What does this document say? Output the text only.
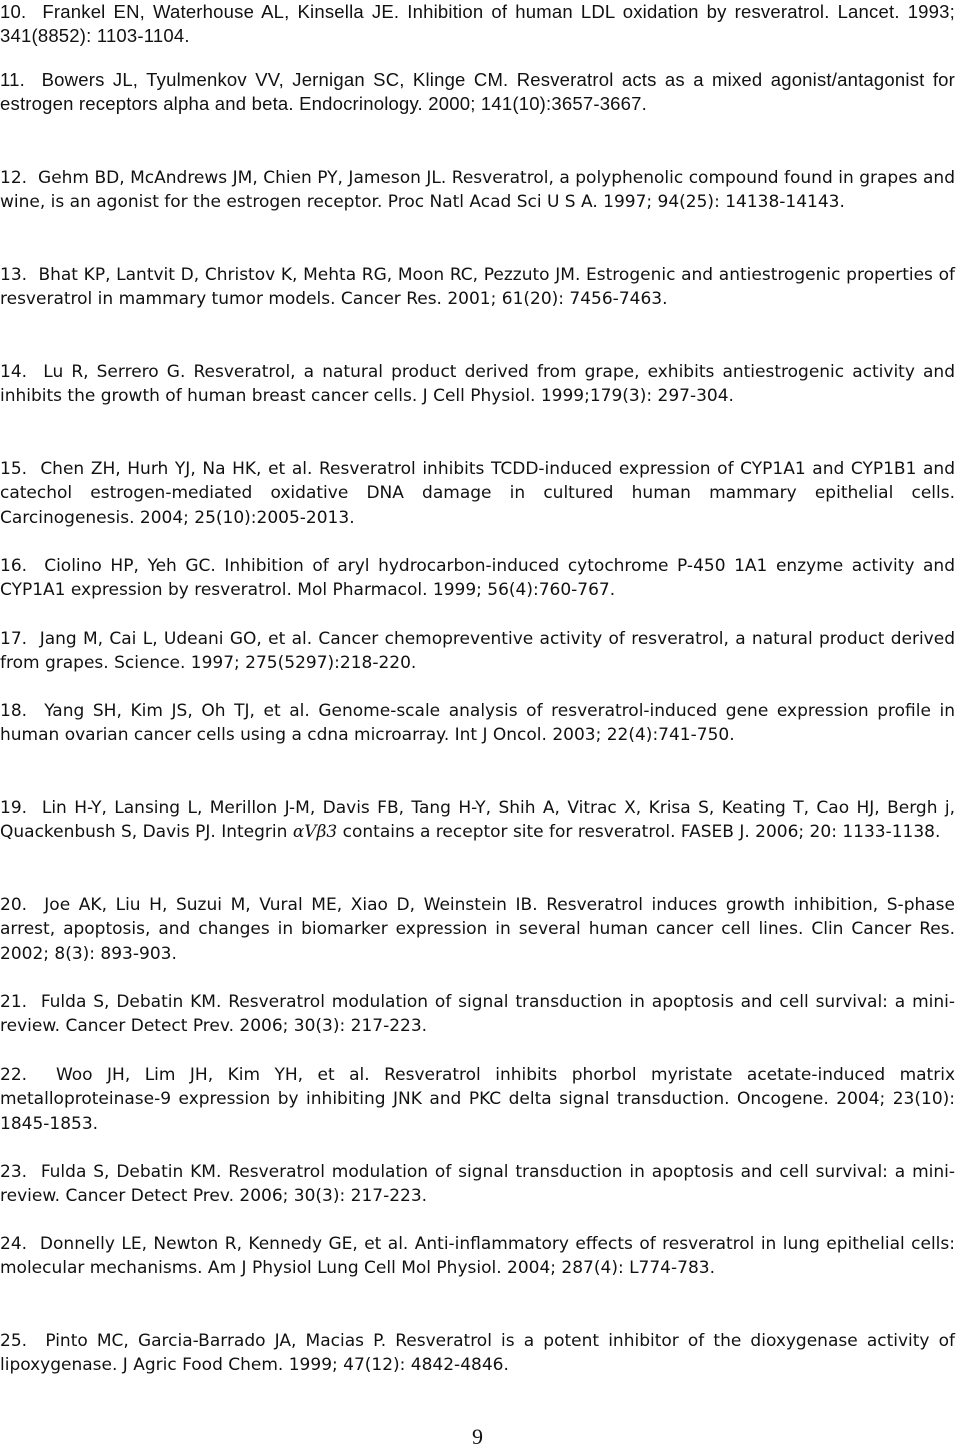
10. Frankel EN, Waterhouse AL, Kinsella JE. Inhibition of human LDL oxidation by resveratrol. Lancet. 1993; 341(8852): 1103-1104.

11. Bowers JL, Tyulmenkov VV, Jernigan SC, Klinge CM. Resveratrol acts as a mixed agonist/antagonist for estrogen receptors alpha and beta. Endocrinology. 2000; 141(10):3657-3667.

12. Gehm BD, McAndrews JM, Chien PY, Jameson JL. Resveratrol, a polyphenolic compound found in grapes and wine, is an agonist for the estrogen receptor. Proc Natl Acad Sci U S A. 1997; 94(25): 14138-14143.

13. Bhat KP, Lantvit D, Christov K, Mehta RG, Moon RC, Pezzuto JM. Estrogenic and antiestrogenic properties of resveratrol in mammary tumor models. Cancer Res. 2001; 61(20): 7456-7463.

14. Lu R, Serrero G. Resveratrol, a natural product derived from grape, exhibits antiestrogenic activity and inhibits the growth of human breast cancer cells. J Cell Physiol. 1999;179(3): 297-304.

15. Chen ZH, Hurh YJ, Na HK, et al. Resveratrol inhibits TCDD-induced expression of CYP1A1 and CYP1B1 and catechol estrogen-mediated oxidative DNA damage in cultured human mammary epithelial cells. Carcinogenesis. 2004; 25(10):2005-2013.

16. Ciolino HP, Yeh GC. Inhibition of aryl hydrocarbon-induced cytochrome P-450 1A1 enzyme activity and CYP1A1 expression by resveratrol. Mol Pharmacol. 1999; 56(4):760-767.

17. Jang M, Cai L, Udeani GO, et al. Cancer chemopreventive activity of resveratrol, a natural product derived from grapes. Science. 1997; 275(5297):218-220.

18. Yang SH, Kim JS, Oh TJ, et al. Genome-scale analysis of resveratrol-induced gene expression profile in human ovarian cancer cells using a cdna microarray. Int J Oncol. 2003; 22(4):741-750.

19. Lin H-Y, Lansing L, Merillon J-M, Davis FB, Tang H-Y, Shih A, Vitrac X, Krisa S, Keating T, Cao HJ, Bergh j, Quackenbush S, Davis PJ. Integrin αVβ3 contains a receptor site for resveratrol. FASEB J. 2006; 20: 1133-1138.

20. Joe AK, Liu H, Suzui M, Vural ME, Xiao D, Weinstein IB. Resveratrol induces growth inhibition, S-phase arrest, apoptosis, and changes in biomarker expression in several human cancer cell lines. Clin Cancer Res. 2002; 8(3): 893-903.

21. Fulda S, Debatin KM. Resveratrol modulation of signal transduction in apoptosis and cell survival: a mini-review. Cancer Detect Prev. 2006; 30(3): 217-223.

22. Woo JH, Lim JH, Kim YH, et al. Resveratrol inhibits phorbol myristate acetate-induced matrix metalloproteinase-9 expression by inhibiting JNK and PKC delta signal transduction. Oncogene. 2004; 23(10): 1845-1853.

23. Fulda S, Debatin KM. Resveratrol modulation of signal transduction in apoptosis and cell survival: a mini-review. Cancer Detect Prev. 2006; 30(3): 217-223.

24. Donnelly LE, Newton R, Kennedy GE, et al. Anti-inflammatory effects of resveratrol in lung epithelial cells: molecular mechanisms. Am J Physiol Lung Cell Mol Physiol. 2004; 287(4): L774-783.

25. Pinto MC, Garcia-Barrado JA, Macias P. Resveratrol is a potent inhibitor of the dioxygenase activity of lipoxygenase. J Agric Food Chem. 1999; 47(12): 4842-4846.

9
